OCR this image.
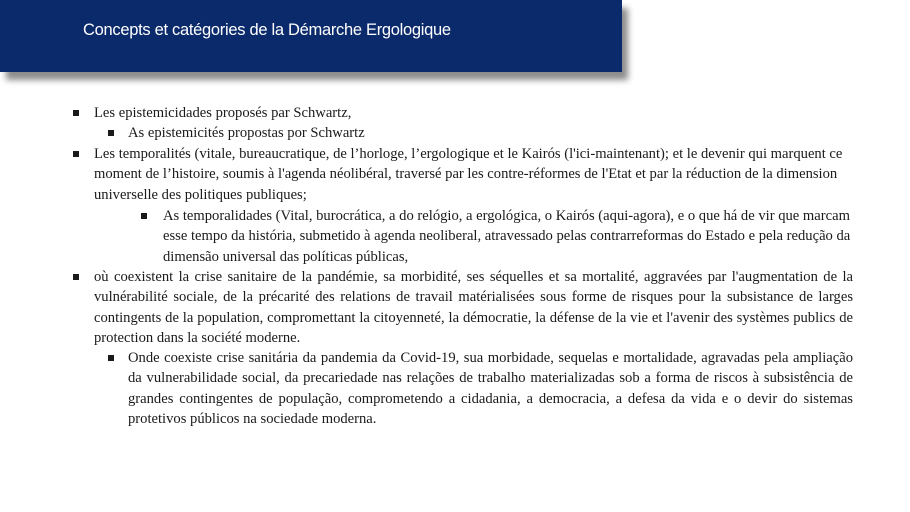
Concepts et catégories de la Démarche Ergologique
Les epistemicidades proposés par Schwartz,
As epistemicités propostas por Schwartz
Les temporalités (vitale, bureaucratique, de l’horloge, l’ergologique et le Kairós (l'ici-maintenant); et le devenir qui marquent ce moment de l’histoire, soumis à l'agenda néolibéral, traversé par les contre-réformes de l'Etat et par la réduction de la dimension universelle des politiques publiques;
As temporalidades (Vital, burocrática, a do relógio, a ergológica, o Kairós (aqui-agora), e o que há de vir que marcam esse tempo da história, submetido à agenda neoliberal, atravessado pelas contrarreformas do Estado e pela redução da dimensão universal das políticas públicas,
où coexistent la crise sanitaire de la pandémie, sa morbidité, ses séquelles et sa mortalité, aggravées par l'augmentation de la vulnérabilité sociale, de la précarité des relations de travail matérialisées sous forme de risques pour la subsistance de larges contingents de la population, compromettant la citoyenneté, la démocratie, la défense de la vie et l'avenir des systèmes publics de protection dans la société moderne.
Onde coexiste crise sanitária da pandemia da Covid-19, sua morbidade, sequelas e mortalidade, agravadas pela ampliação da vulnerabilidade social, da precariedade nas relações de trabalho materializadas sob a forma de riscos à subsistência de grandes contingentes de população, comprometendo a cidadania, a democracia, a defesa da vida e o devir do sistemas protetivos públicos na sociedade moderna.
